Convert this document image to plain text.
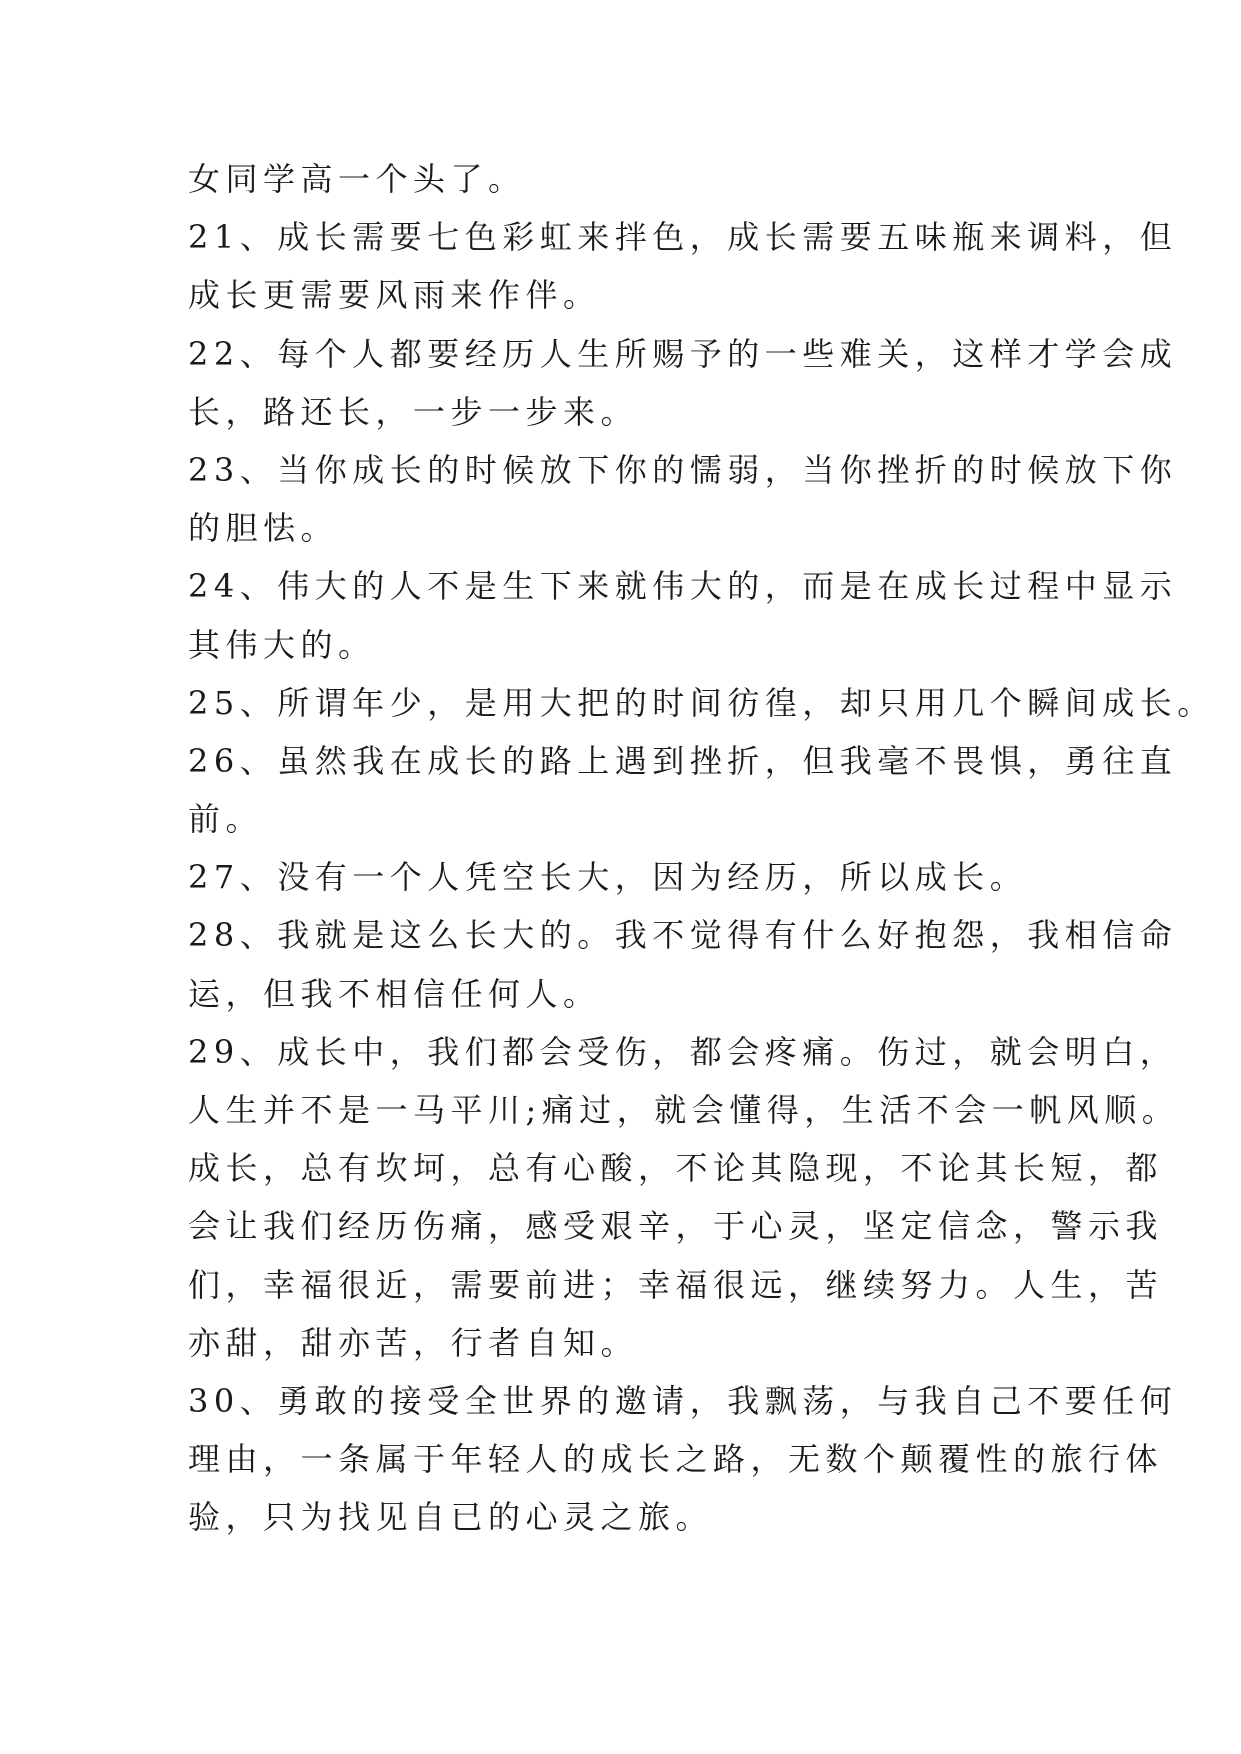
女同学高一个头了。
21、成长需要七色彩虹来拌色，成长需要五味瓶来调料，但
成长更需要风雨来作伴。
22、每个人都要经历人生所赐予的一些难关，这样才学会成
长，路还长，一步一步来。
23、当你成长的时候放下你的懦弱，当你挫折的时候放下你
的胆怯。
24、伟大的人不是生下来就伟大的，而是在成长过程中显示
其伟大的。
25、所谓年少，是用大把的时间彷徨，却只用几个瞬间成长。
26、虽然我在成长的路上遇到挫折，但我毫不畏惧，勇往直
前。
27、没有一个人凭空长大，因为经历，所以成长。
28、我就是这么长大的。我不觉得有什么好抱怨，我相信命
运，但我不相信任何人。
29、成长中，我们都会受伤，都会疼痛。伤过，就会明白，
人生并不是一马平川;痛过，就会懂得，生活不会一帆风顺。
成长，总有坎坷，总有心酸，不论其隐现，不论其长短，都
会让我们经历伤痛，感受艰辛，于心灵，坚定信念，警示我
们，幸福很近，需要前进；幸福很远，继续努力。人生，苦
亦甜，甜亦苦，行者自知。
30、勇敢的接受全世界的邀请，我飘荡，与我自己不要任何
理由，一条属于年轻人的成长之路，无数个颠覆性的旅行体
验，只为找见自已的心灵之旅。
